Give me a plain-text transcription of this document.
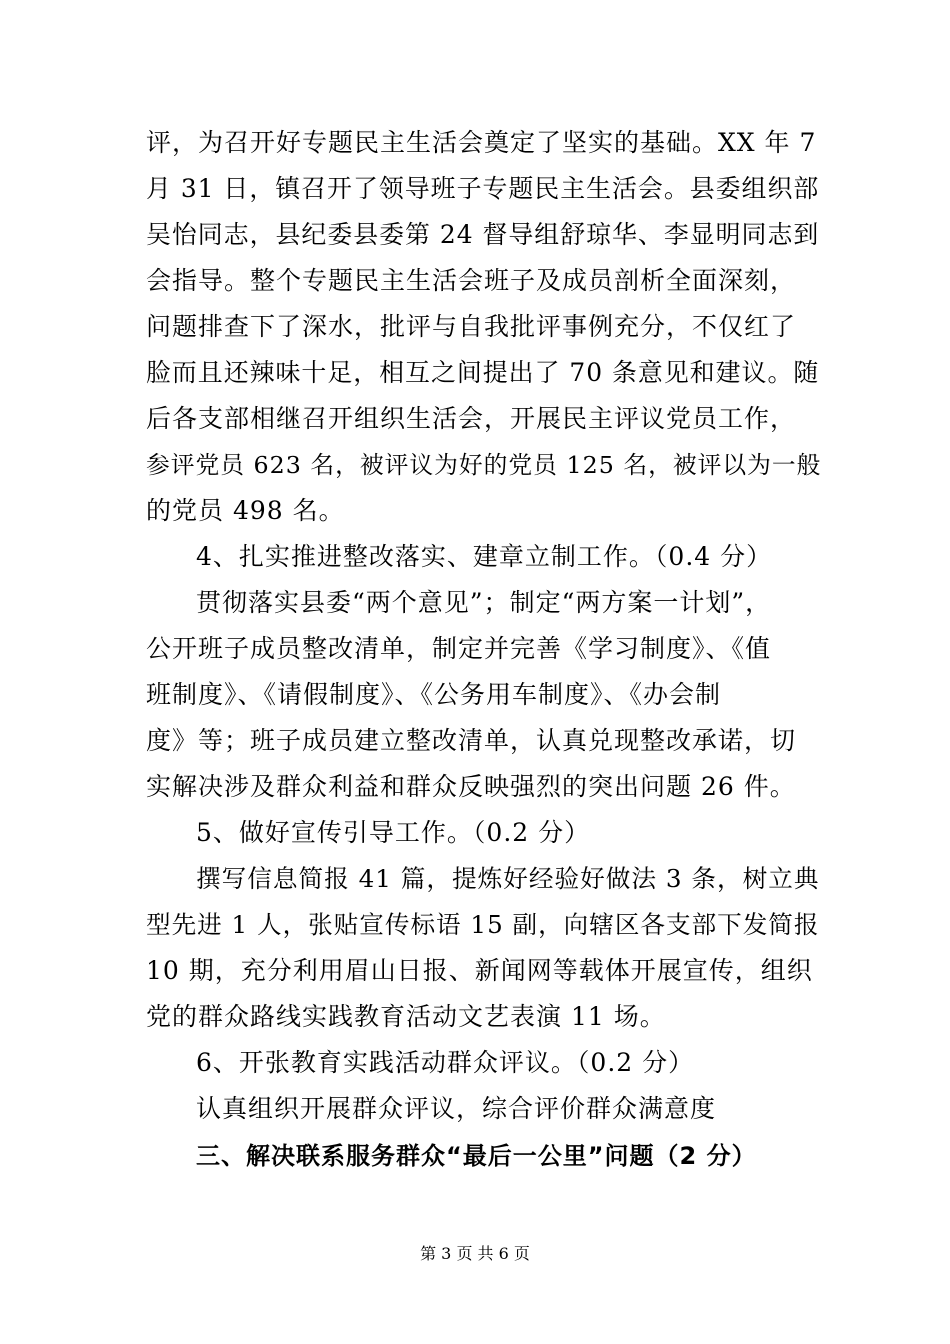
评，为召开好专题民主生活会奠定了坚实的基础。XX 年 7
月 31 日，镇召开了领导班子专题民主生活会。县委组织部
吴怡同志，县纪委县委第 24 督导组舒琼华、李显明同志到
会指导。整个专题民主生活会班子及成员剖析全面深刻，
问题排查下了深水，批评与自我批评事例充分，不仅红了
脸而且还辣味十足，相互之间提出了 70 条意见和建议。随
后各支部相继召开组织生活会，开展民主评议党员工作，
参评党员 623 名，被评议为好的党员 125 名，被评以为一般
的党员 498 名。
4、扎实推进整改落实、建章立制工作。（0.4 分）
贯彻落实县委“两个意见”；制定“两方案一计划”，
公开班子成员整改清单，制定并完善《学习制度》、《值
班制度》、《请假制度》、《公务用车制度》、《办会制
度》等；班子成员建立整改清单，认真兑现整改承诺，切
实解决涉及群众利益和群众反映强烈的突出问题 26 件。
5、做好宣传引导工作。（0.2 分）
撰写信息简报 41 篇，提炼好经验好做法 3 条，树立典
型先进 1 人，张贴宣传标语 15 副，向辖区各支部下发简报
10 期，充分利用眉山日报、新闻网等载体开展宣传，组织
党的群众路线实践教育活动文艺表演 11 场。
6、开张教育实践活动群众评议。（0.2 分）
认真组织开展群众评议，综合评价群众满意度
三、解决联系服务群众“最后一公里”问题（2 分）
第 3 页 共 6 页
